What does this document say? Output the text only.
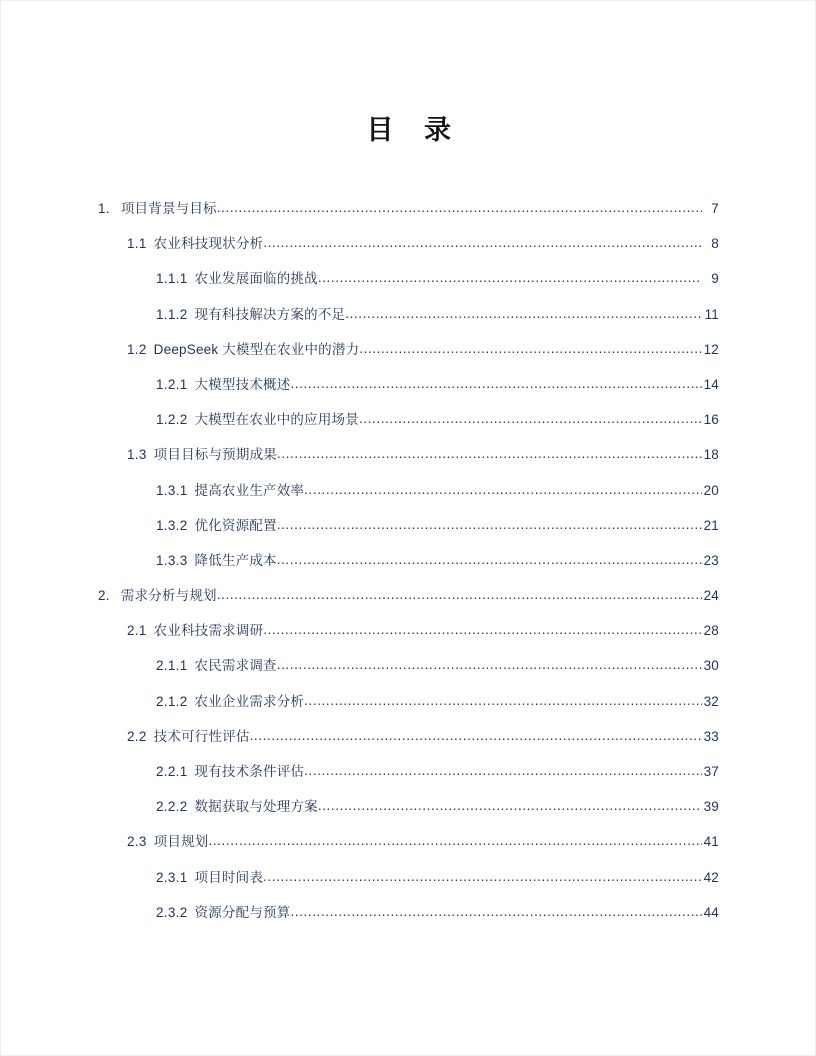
目 录
1. 项目背景与目标 .....	7
1.1 农业科技现状分析 .....	8
1.1.1 农业发展面临的挑战 .....	9
1.1.2 现有科技解决方案的不足 .....	11
1.2 DeepSeek 大模型在农业中的潜力 .....	12
1.2.1 大模型技术概述 .....	14
1.2.2 大模型在农业中的应用场景 .....	16
1.3 项目目标与预期成果 .....	18
1.3.1 提高农业生产效率 .....	20
1.3.2 优化资源配置 .....	21
1.3.3 降低生产成本 .....	23
2. 需求分析与规划 .....	24
2.1 农业科技需求调研 .....	28
2.1.1 农民需求调查 .....	30
2.1.2 农业企业需求分析 .....	32
2.2 技术可行性评估 .....	33
2.2.1 现有技术条件评估 .....	37
2.2.2 数据获取与处理方案 .....	39
2.3 项目规划 .....	41
2.3.1 项目时间表 .....	42
2.3.2 资源分配与预算 .....	44
